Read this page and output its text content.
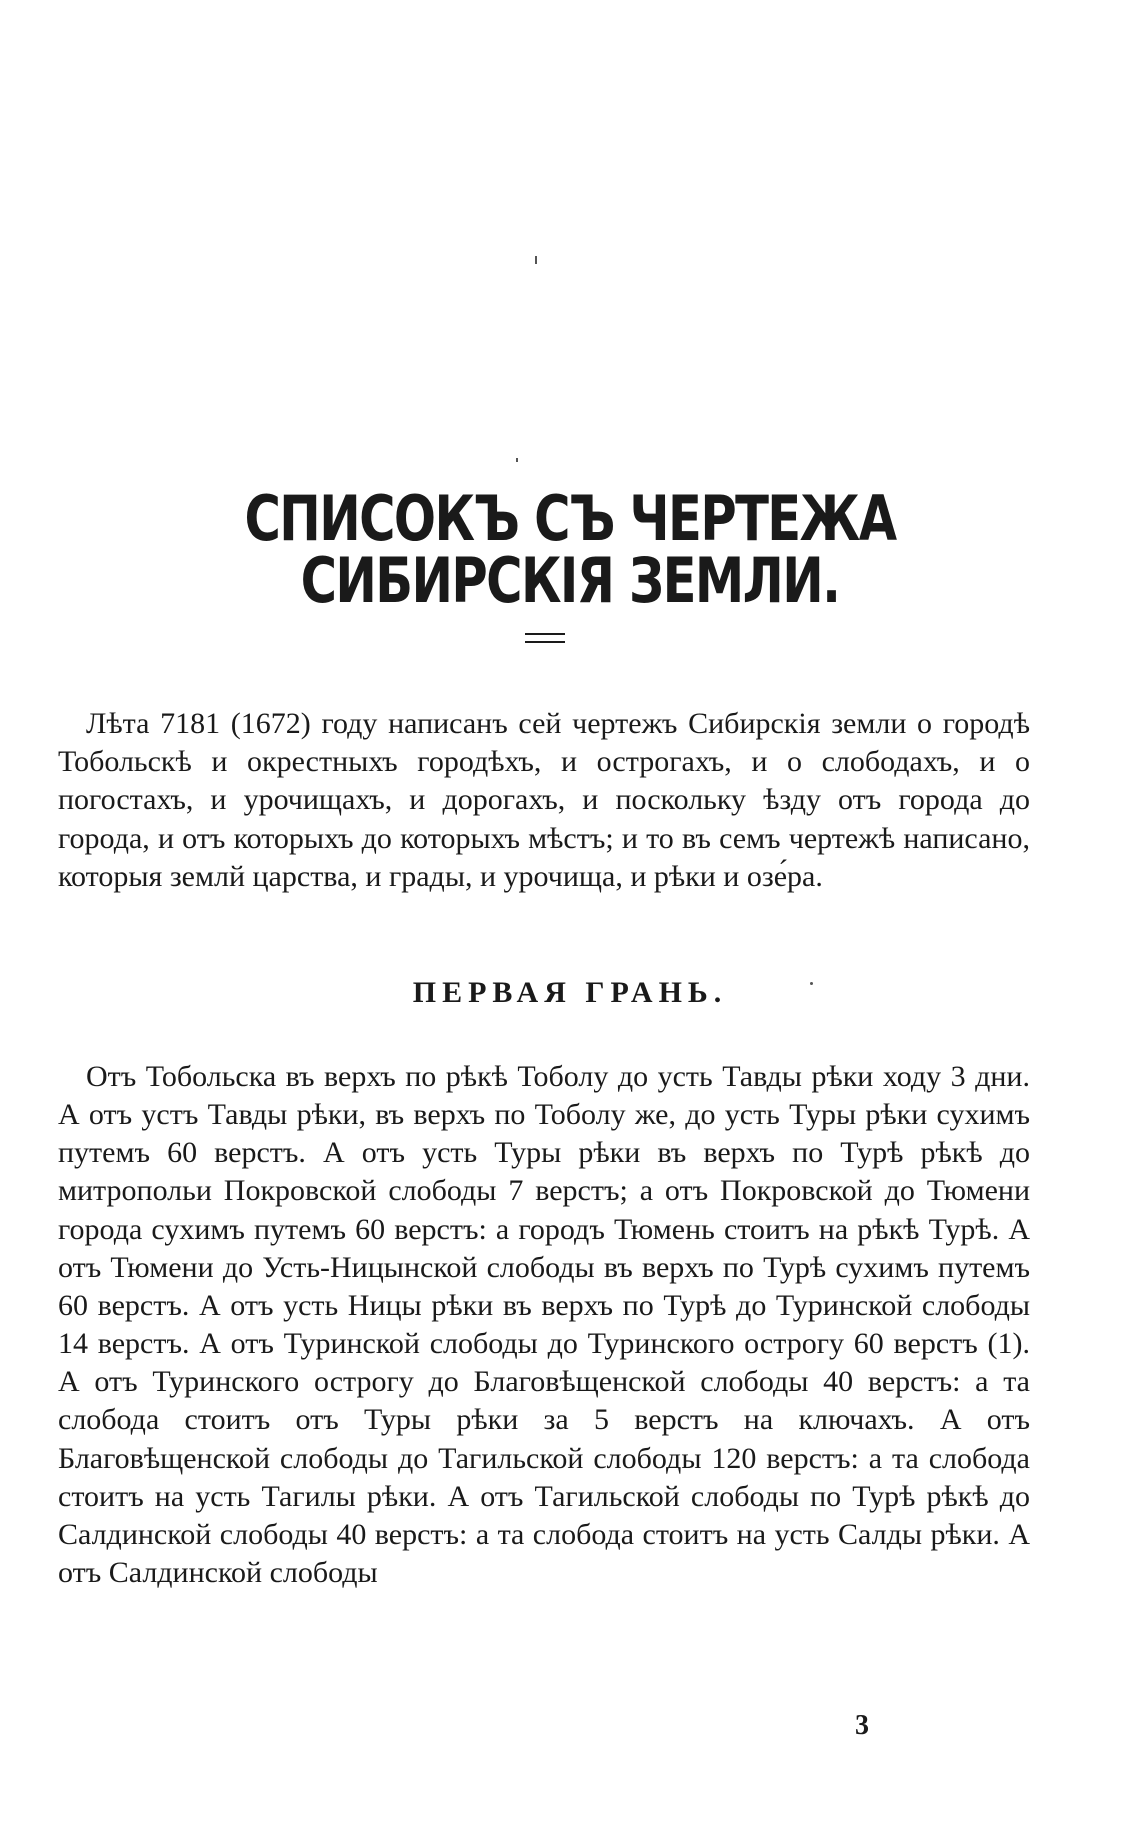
СПИСОКЪ СЪ ЧЕРТЕЖА СИБИРСКІЯ ЗЕМЛИ.

Лѣта 7181 (1672) году написанъ сей чертежъ Сибирскія земли о городѣ Тобольскѣ и окрестныхъ городѣхъ, и острогахъ, и о слободахъ, и о погостахъ, и урочищахъ, и дорогахъ, и поскольку ѣзду отъ города до города, и отъ которыхъ до которыхъ мѣстъ; и то въ семъ чертежѣ написано, которыя землй царства, и грады, и урочища, и рѣки и озе́ра.

ПЕРВАЯ ГРАНЬ.

Отъ Тобольска въ верхъ по рѣкѣ Тоболу до усть Тавды рѣки ходу 3 дни. А отъ устъ Тавды рѣки, въ верхъ по Тоболу же, до усть Туры рѣки сухимъ путемъ 60 верстъ. А отъ усть Туры рѣки въ верхъ по Турѣ рѣкѣ до митропольи Покровской слободы 7 верстъ; а отъ Покровской до Тюмени города сухимъ путемъ 60 верстъ: а городъ Тюмень стоитъ на рѣкѣ Турѣ. А отъ Тюмени до Усть-Ницынской слободы въ верхъ по Турѣ сухимъ путемъ 60 верстъ. А отъ усть Ницы рѣки въ верхъ по Турѣ до Туринской слободы 14 верстъ. А отъ Туринской слободы до Туринского острогу 60 верстъ (1). А отъ Туринского острогу до Благовѣщенской слободы 40 верстъ: а та слобода стоитъ отъ Туры рѣки за 5 верстъ на ключахъ. А отъ Благовѣщенской слободы до Тагильской слободы 120 верстъ: а та слобода стоитъ на усть Тагилы рѣки. А отъ Тагильской слободы по Турѣ рѣкѣ до Салдинской слободы 40 верстъ: а та слобода стоитъ на усть Салды рѣки. А отъ Салдинской слободы

3
